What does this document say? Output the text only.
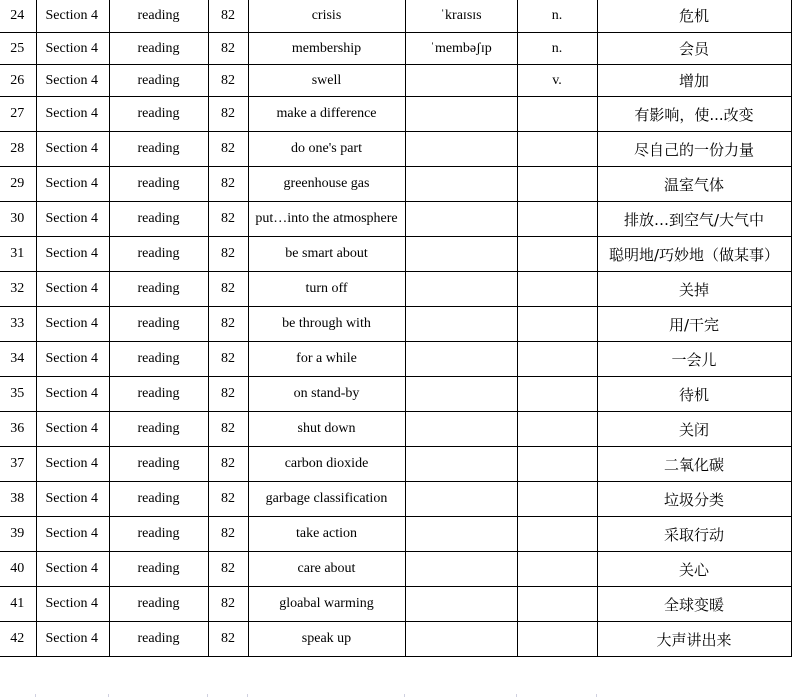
24	Section 4	reading	82	crisis	ˈkraɪsɪs	n.	危机
25	Section 4	reading	82	membership	ˈmembəʃɪp	n.	会员
26	Section 4	reading	82	swell		v.	增加
27	Section 4	reading	82	make a difference			有影响，使...改变
28	Section 4	reading	82	do one's part			尽自己的一份力量
29	Section 4	reading	82	greenhouse gas			温室气体
30	Section 4	reading	82	put…into the atmosphere			排放…到空气/大气中
31	Section 4	reading	82	be smart about			聪明地/巧妙地（做某事）
32	Section 4	reading	82	turn off			关掉
33	Section 4	reading	82	be through with			用/干完
34	Section 4	reading	82	for a while			一会儿
35	Section 4	reading	82	on stand-by			待机
36	Section 4	reading	82	shut down			关闭
37	Section 4	reading	82	carbon dioxide			二氧化碳
38	Section 4	reading	82	garbage classification			垃圾分类
39	Section 4	reading	82	take action			采取行动
40	Section 4	reading	82	care about			关心
41	Section 4	reading	82	gloabal warming			全球变暖
42	Section 4	reading	82	speak up			大声讲出来
